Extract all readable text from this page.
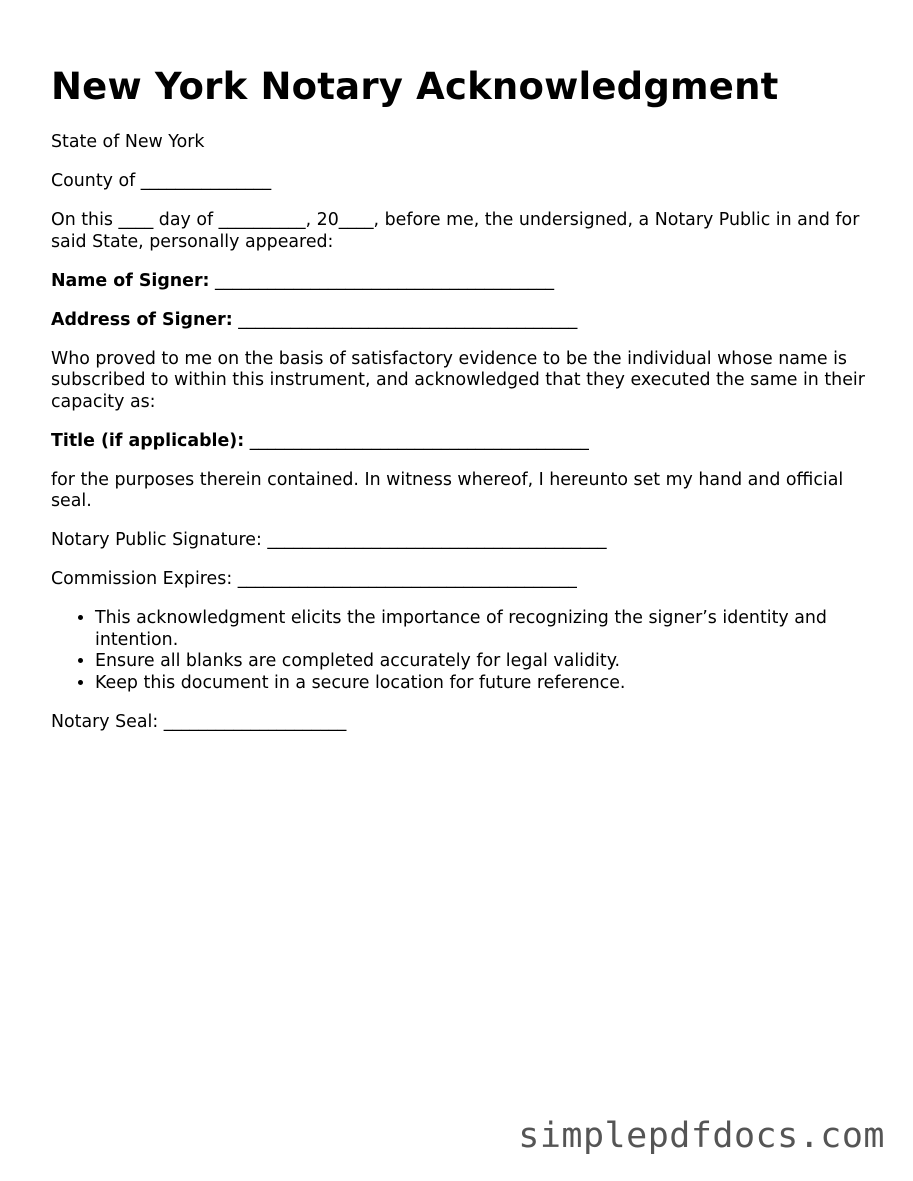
New York Notary Acknowledgment

State of New York

County of _______________

On this ____ day of __________, 20____, before me, the undersigned, a Notary Public in and for said State, personally appeared:

Name of Signer: _______________________________________

Address of Signer: _______________________________________

Who proved to me on the basis of satisfactory evidence to be the individual whose name is subscribed to within this instrument, and acknowledged that they executed the same in their capacity as:

Title (if applicable): _______________________________________

for the purposes therein contained. In witness whereof, I hereunto set my hand and official seal.

Notary Public Signature: _______________________________________

Commission Expires: _______________________________________

• This acknowledgment elicits the importance of recognizing the signer’s identity and intention.
• Ensure all blanks are completed accurately for legal validity.
• Keep this document in a secure location for future reference.

Notary Seal: _____________________

simplepdfdocs.com
